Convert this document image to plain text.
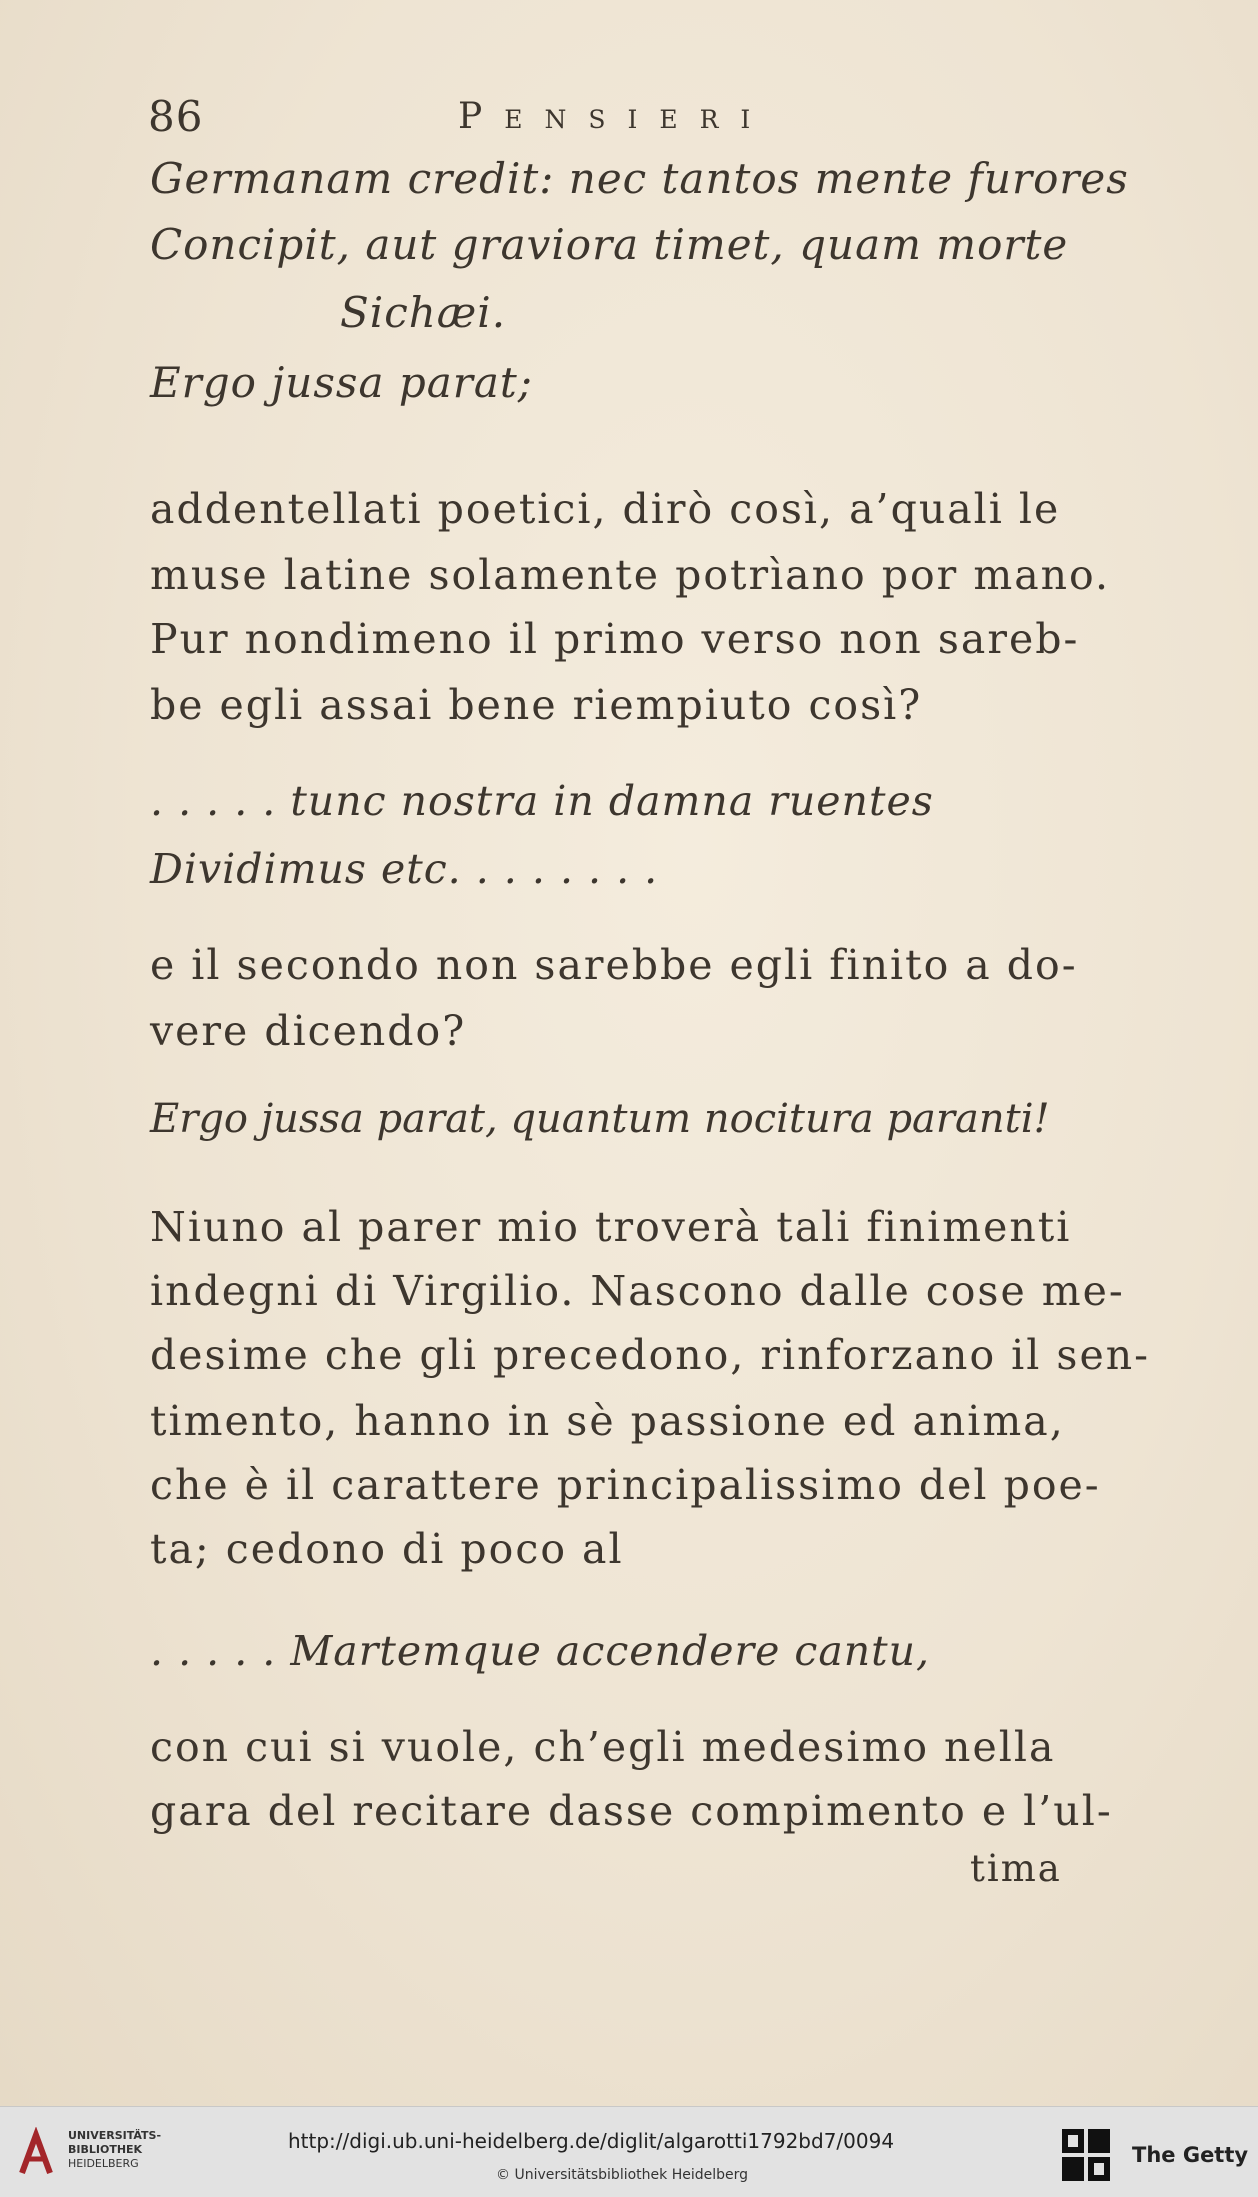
86	Pensieri
Germanam credit: nec tantos mente furores
Concipit, aut graviora timet, quam morte
Sichæi.
Ergo jussa parat;
addentellati poetici, dirò così, a’quali le
muse latine solamente potrìano por mano.
Pur nondimeno il primo verso non sareb-
be egli assai bene riempiuto così?
. . . . . tunc nostra in damna ruentes
Dividimus etc. . . . . . . .
e il secondo non sarebbe egli finito a do-
vere dicendo?
Ergo jussa parat, quantum nocitura paranti!
Niuno al parer mio troverà tali finimenti
indegni di Virgilio. Nascono dalle cose me-
desime che gli precedono, rinforzano il sen-
timento, hanno in sè passione ed anima,
che è il carattere principalissimo del poe-
ta; cedono di poco al
. . . . . Martemque accendere cantu,
con cui si vuole, ch’egli medesimo nella
gara del recitare dasse compimento e l’ul-
tima
UNIVERSITÄTS-
BIBLIOTHEK
HEIDELBERG
http://digi.ub.uni-heidelberg.de/diglit/algarotti1792bd7/0094
© Universitätsbibliothek Heidelberg
The Getty
